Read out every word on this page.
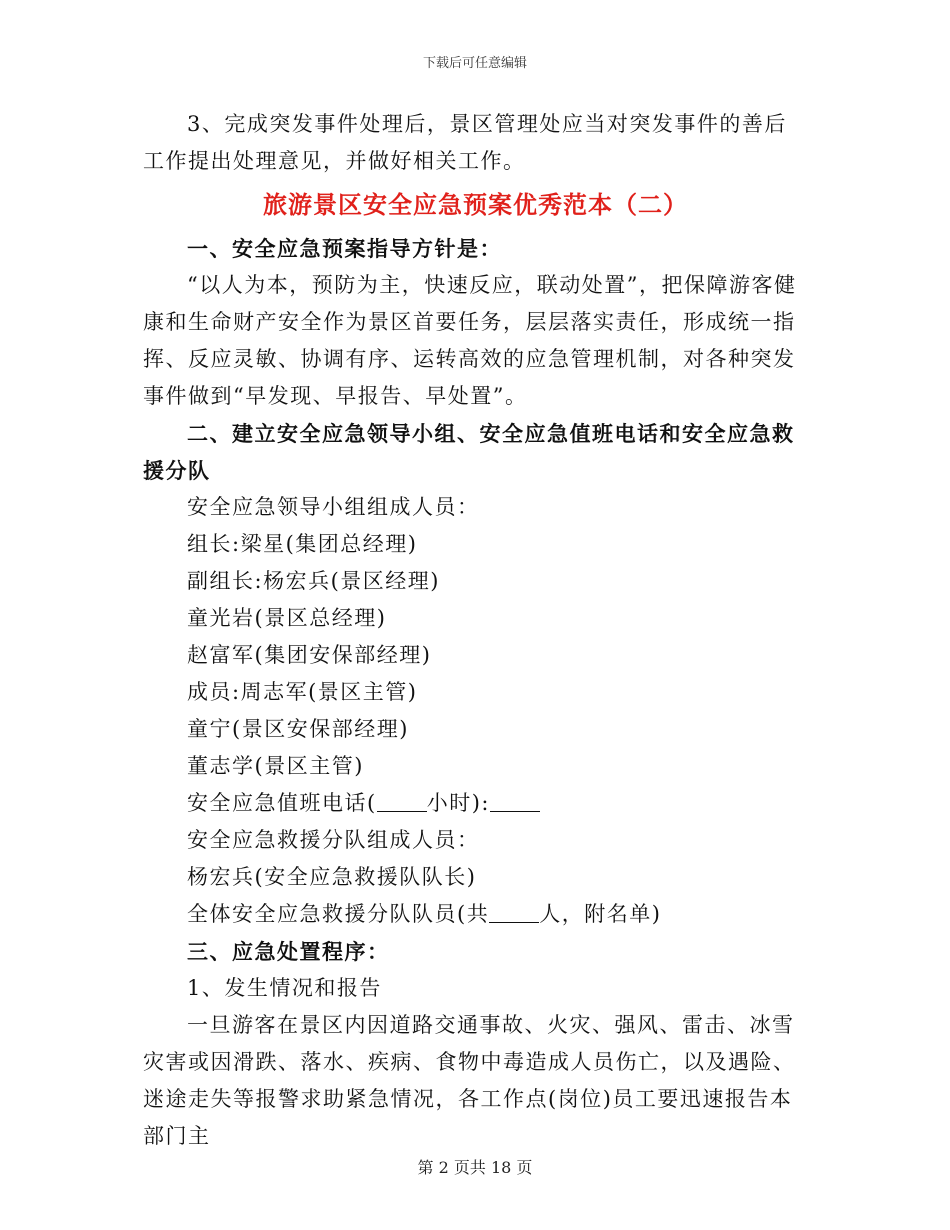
下载后可任意编辑

3、完成突发事件处理后，景区管理处应当对突发事件的善后工作提出处理意见，并做好相关工作。

旅游景区安全应急预案优秀范本（二）

一、安全应急预案指导方针是：

“以人为本，预防为主，快速反应，联动处置”，把保障游客健康和生命财产安全作为景区首要任务，层层落实责任，形成统一指挥、反应灵敏、协调有序、运转高效的应急管理机制，对各种突发事件做到“早发现、早报告、早处置”。

二、建立安全应急领导小组、安全应急值班电话和安全应急救援分队

安全应急领导小组组成人员：

组长:梁星(集团总经理)

副组长:杨宏兵(景区经理)

童光岩(景区总经理)

赵富军(集团安保部经理)

成员:周志军(景区主管)

童宁(景区安保部经理)

董志学(景区主管)

安全应急值班电话( 小时):

安全应急救援分队组成人员：

杨宏兵(安全应急救援队队长)

全体安全应急救援分队队员(共 人，附名单)

三、应急处置程序：

1、发生情况和报告

一旦游客在景区内因道路交通事故、火灾、强风、雷击、冰雪灾害或因滑跌、落水、疾病、食物中毒造成人员伤亡，以及遇险、迷途走失等报警求助紧急情况，各工作点(岗位)员工要迅速报告本部门主

第 2 页共 18 页
